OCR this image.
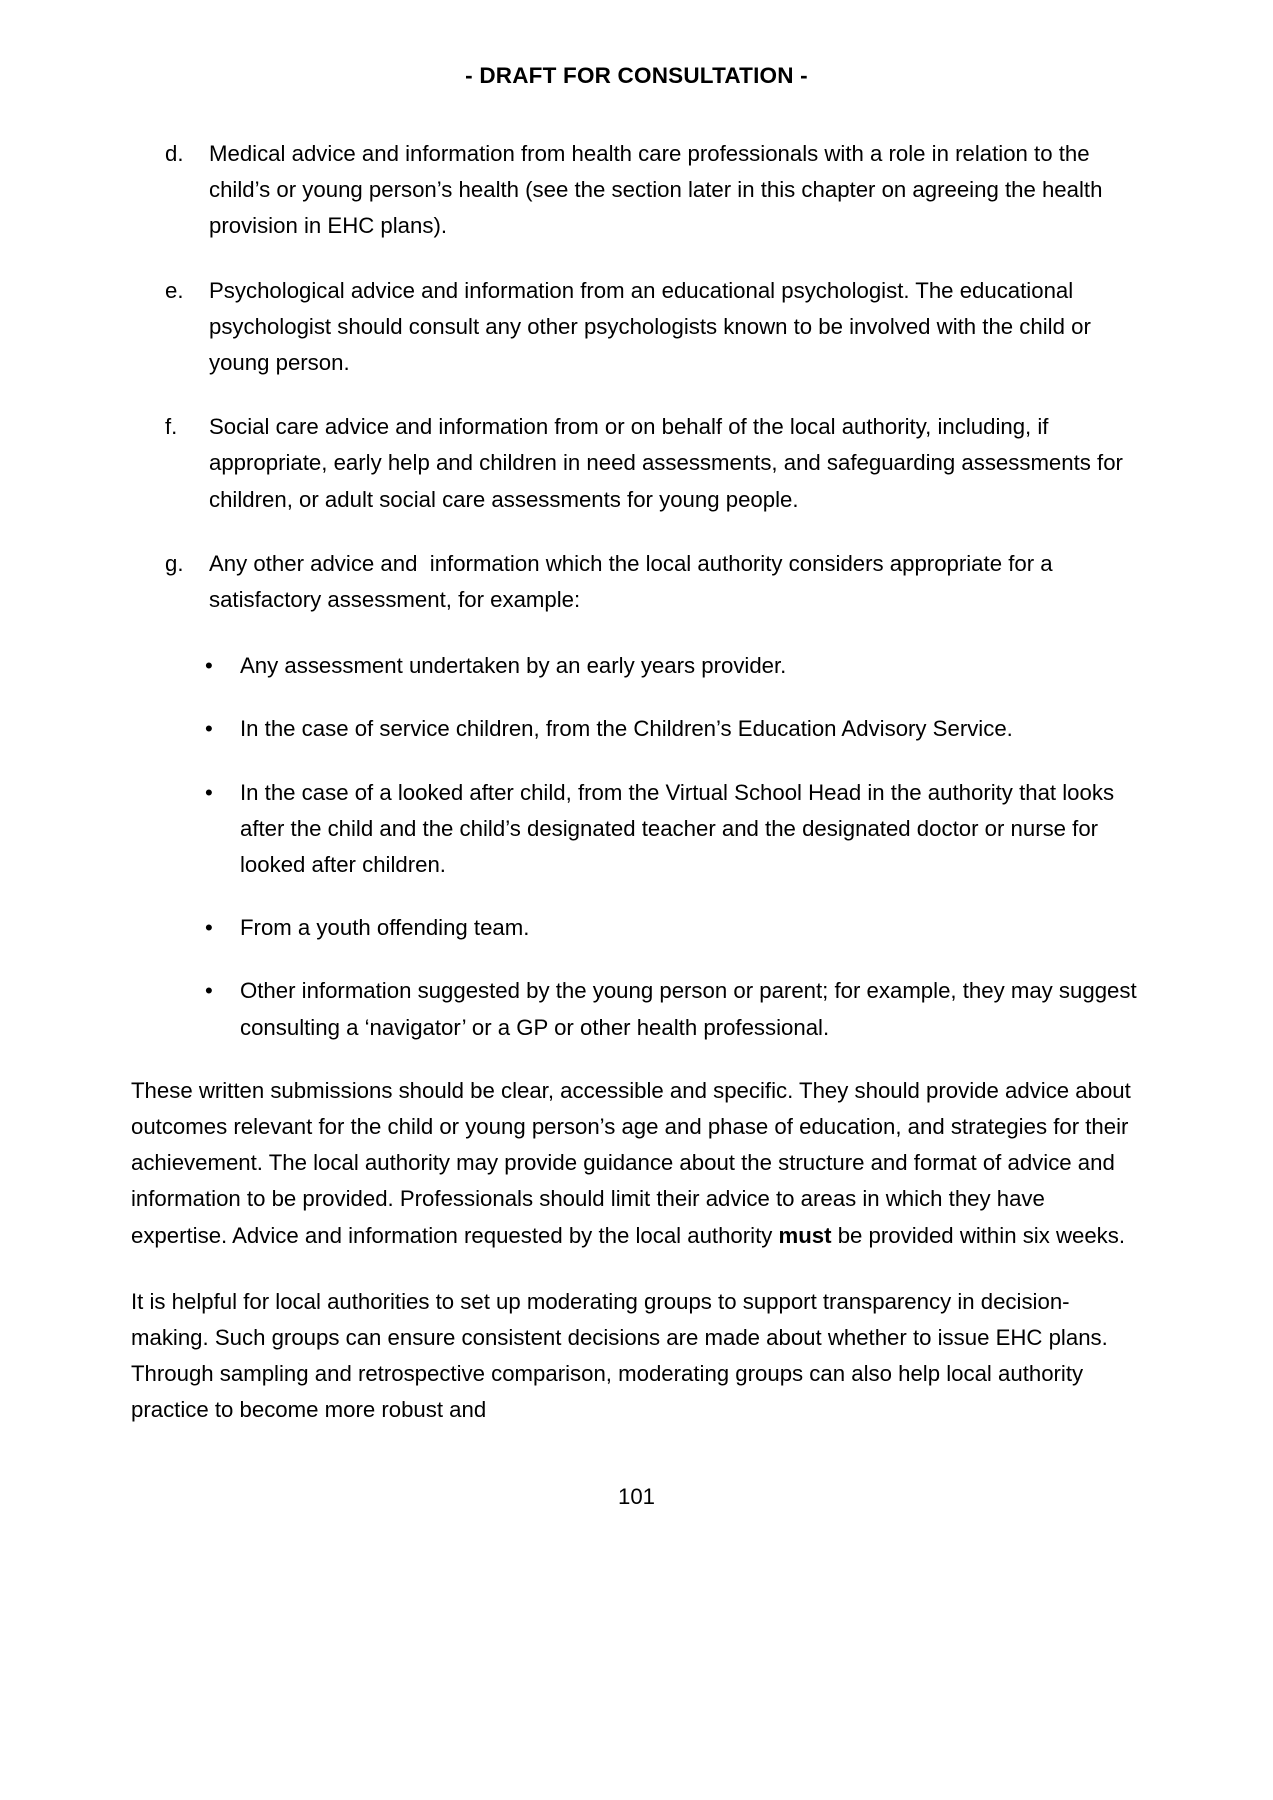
- DRAFT FOR CONSULTATION -
d.	Medical advice and information from health care professionals with a role in relation to the child’s or young person’s health (see the section later in this chapter on agreeing the health provision in EHC plans).
e.	Psychological advice and information from an educational psychologist. The educational psychologist should consult any other psychologists known to be involved with the child or young person.
f.	Social care advice and information from or on behalf of the local authority, including, if appropriate, early help and children in need assessments, and safeguarding assessments for children, or adult social care assessments for young people.
g.	Any other advice and  information which the local authority considers appropriate for a satisfactory assessment, for example:
•	Any assessment undertaken by an early years provider.
•	In the case of service children, from the Children’s Education Advisory Service.
•	In the case of a looked after child, from the Virtual School Head in the authority that looks after the child and the child’s designated teacher and the designated doctor or nurse for looked after children.
•	From a youth offending team.
•	Other information suggested by the young person or parent; for example, they may suggest consulting a ‘navigator’ or a GP or other health professional.

These written submissions should be clear, accessible and specific. They should provide advice about outcomes relevant for the child or young person’s age and phase of education, and strategies for their achievement. The local authority may provide guidance about the structure and format of advice and information to be provided. Professionals should limit their advice to areas in which they have expertise. Advice and information requested by the local authority must be provided within six weeks.

It is helpful for local authorities to set up moderating groups to support transparency in decision-making. Such groups can ensure consistent decisions are made about whether to issue EHC plans. Through sampling and retrospective comparison, moderating groups can also help local authority practice to become more robust and

101
